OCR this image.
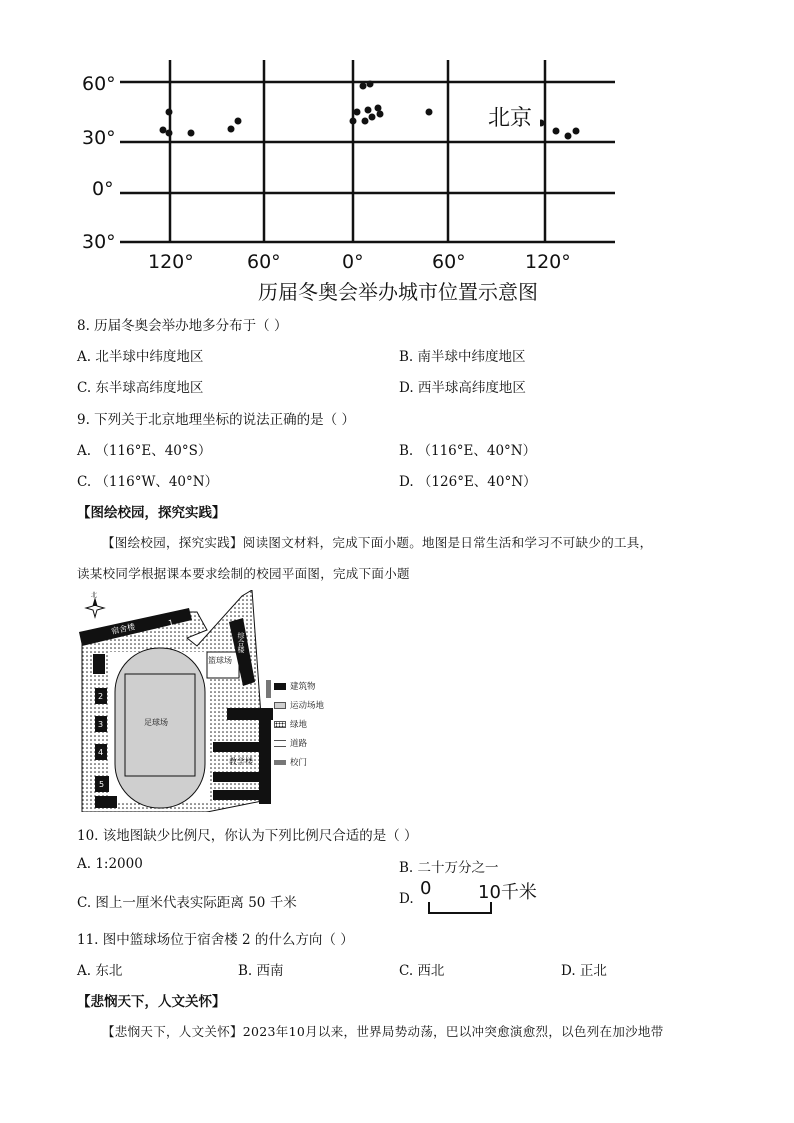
60°
30°
0°
30°
120°	60°	0°	60°	120°
北京
历届冬奥会举办城市位置示意图
8. 历届冬奥会举办地多分布于（ ）
A. 北半球中纬度地区	B. 南半球中纬度地区
C. 东半球高纬度地区	D. 西半球高纬度地区
9. 下列关于北京地理坐标的说法正确的是（ ）
A. （116°E、40°S）	B. （116°E、40°N）
C. （116°W、40°N）	D. （126°E、40°N）
【图绘校园，探究实践】
【图绘校园，探究实践】阅读图文材料，完成下面小题。地图是日常生活和学习不可缺少的工具，
读某校同学根据课本要求绘制的校园平面图，完成下面小题
北
宿舍楼	1
2
3
4
5
足球场
篮球场
综合楼
教学楼
建筑物
运动场地
绿地
道路
校门
10. 该地图缺少比例尺，你认为下列比例尺合适的是（ ）
A. 1:2000	B. 二十万分之一
C. 图上一厘米代表实际距离 50 千米	D. 0	10千米
11. 图中篮球场位于宿舍楼 2 的什么方向（ ）
A. 东北	B. 西南	C. 西北	D. 正北
【悲悯天下，人文关怀】
【悲悯天下，人文关怀】2023年10月以来，世界局势动荡，巴以冲突愈演愈烈，以色列在加沙地带
